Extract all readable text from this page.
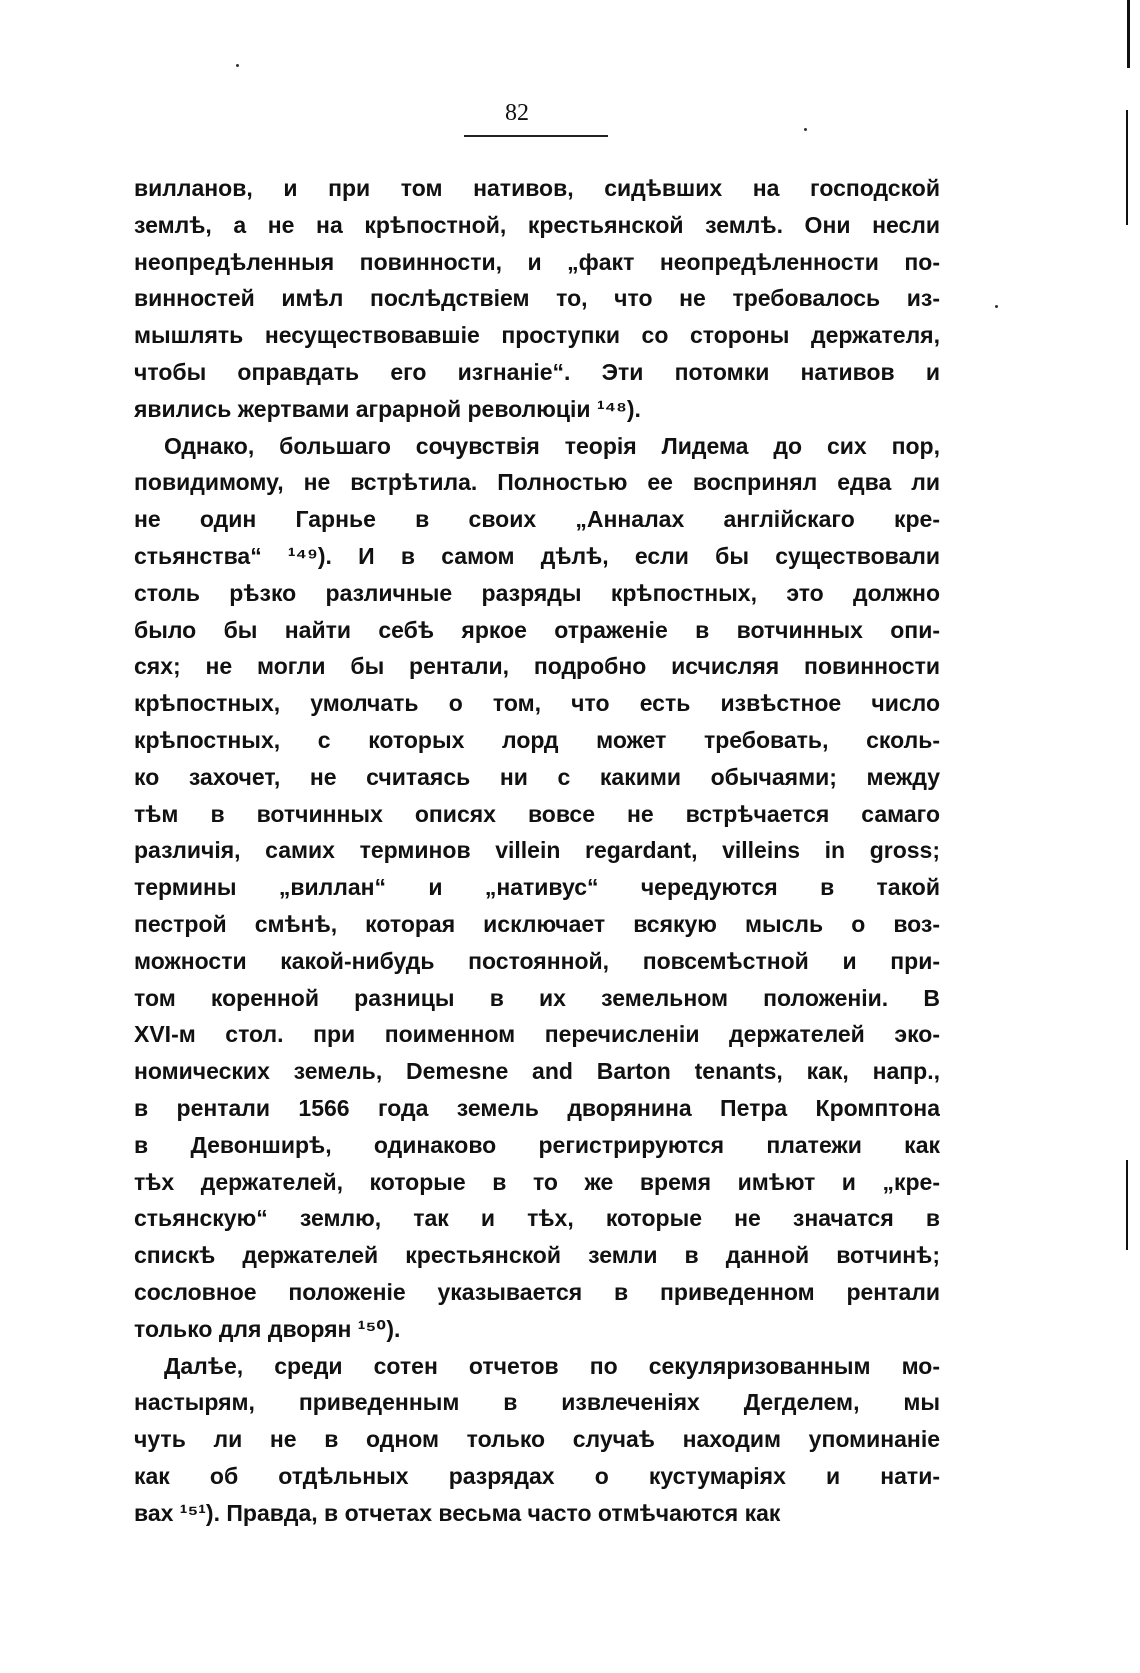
82
вилланов, и при том нативов, сидѣвших на господской
землѣ, а не на крѣпостной, крестьянской землѣ. Они несли
неопредѣленныя повинности, и „факт неопредѣленности по-
винностей имѣл послѣдствіем то, что не требовалось из-
мышлять несуществовавшіе проступки со стороны держателя,
чтобы оправдать его изгнаніе“. Эти потомки нативов и
явились жертвами аграрной революціи ¹⁴⁸).
Однако, большаго сочувствія теорія Лидема до сих пор,
повидимому, не встрѣтила. Полностью ее воспринял едва ли
не один Гарнье в своих „Анналах англійскаго кре-
стьянства“ ¹⁴⁹). И в самом дѣлѣ, если бы существовали
столь рѣзко различные разряды крѣпостных, это должно
было бы найти себѣ яркое отраженіе в вотчинных опи-
сях; не могли бы рентали, подробно исчисляя повинности
крѣпостных, умолчать о том, что есть извѣстное число
крѣпостных, с которых лорд может требовать, сколь-
ко захочет, не считаясь ни с какими обычаями; между
тѣм в вотчинных описях вовсе не встрѣчается самаго
различія, самих терминов villein regardant, villeins in gross;
термины „виллан“ и „нативус“ чередуются в такой
пестрой смѣнѣ, которая исключает всякую мысль о воз-
можности какой-нибудь постоянной, повсемѣстной и при-
том коренной разницы в их земельном положеніи. В
XVI-м стол. при поименном перечисленіи держателей эко-
номических земель, Demesne and Barton tenants, как, напр.,
в рентали 1566 года земель дворянина Петра Кромптона
в Девонширѣ, одинаково регистрируются платежи как
тѣх держателей, которые в то же время имѣют и „кре-
стьянскую“ землю, так и тѣх, которые не значатся в
спискѣ держателей крестьянской земли в данной вотчинѣ;
сословное положеніе указывается в приведенном рентали
только для дворян ¹⁵⁰).
Далѣе, среди сотен отчетов по секуляризованным мо-
настырям, приведенным в извлеченіях Дегделем, мы
чуть ли не в одном только случаѣ находим упоминаніе
как об отдѣльных разрядах о кустумаріях и нати-
вах ¹⁵¹). Правда, в отчетах весьма часто отмѣчаются как
